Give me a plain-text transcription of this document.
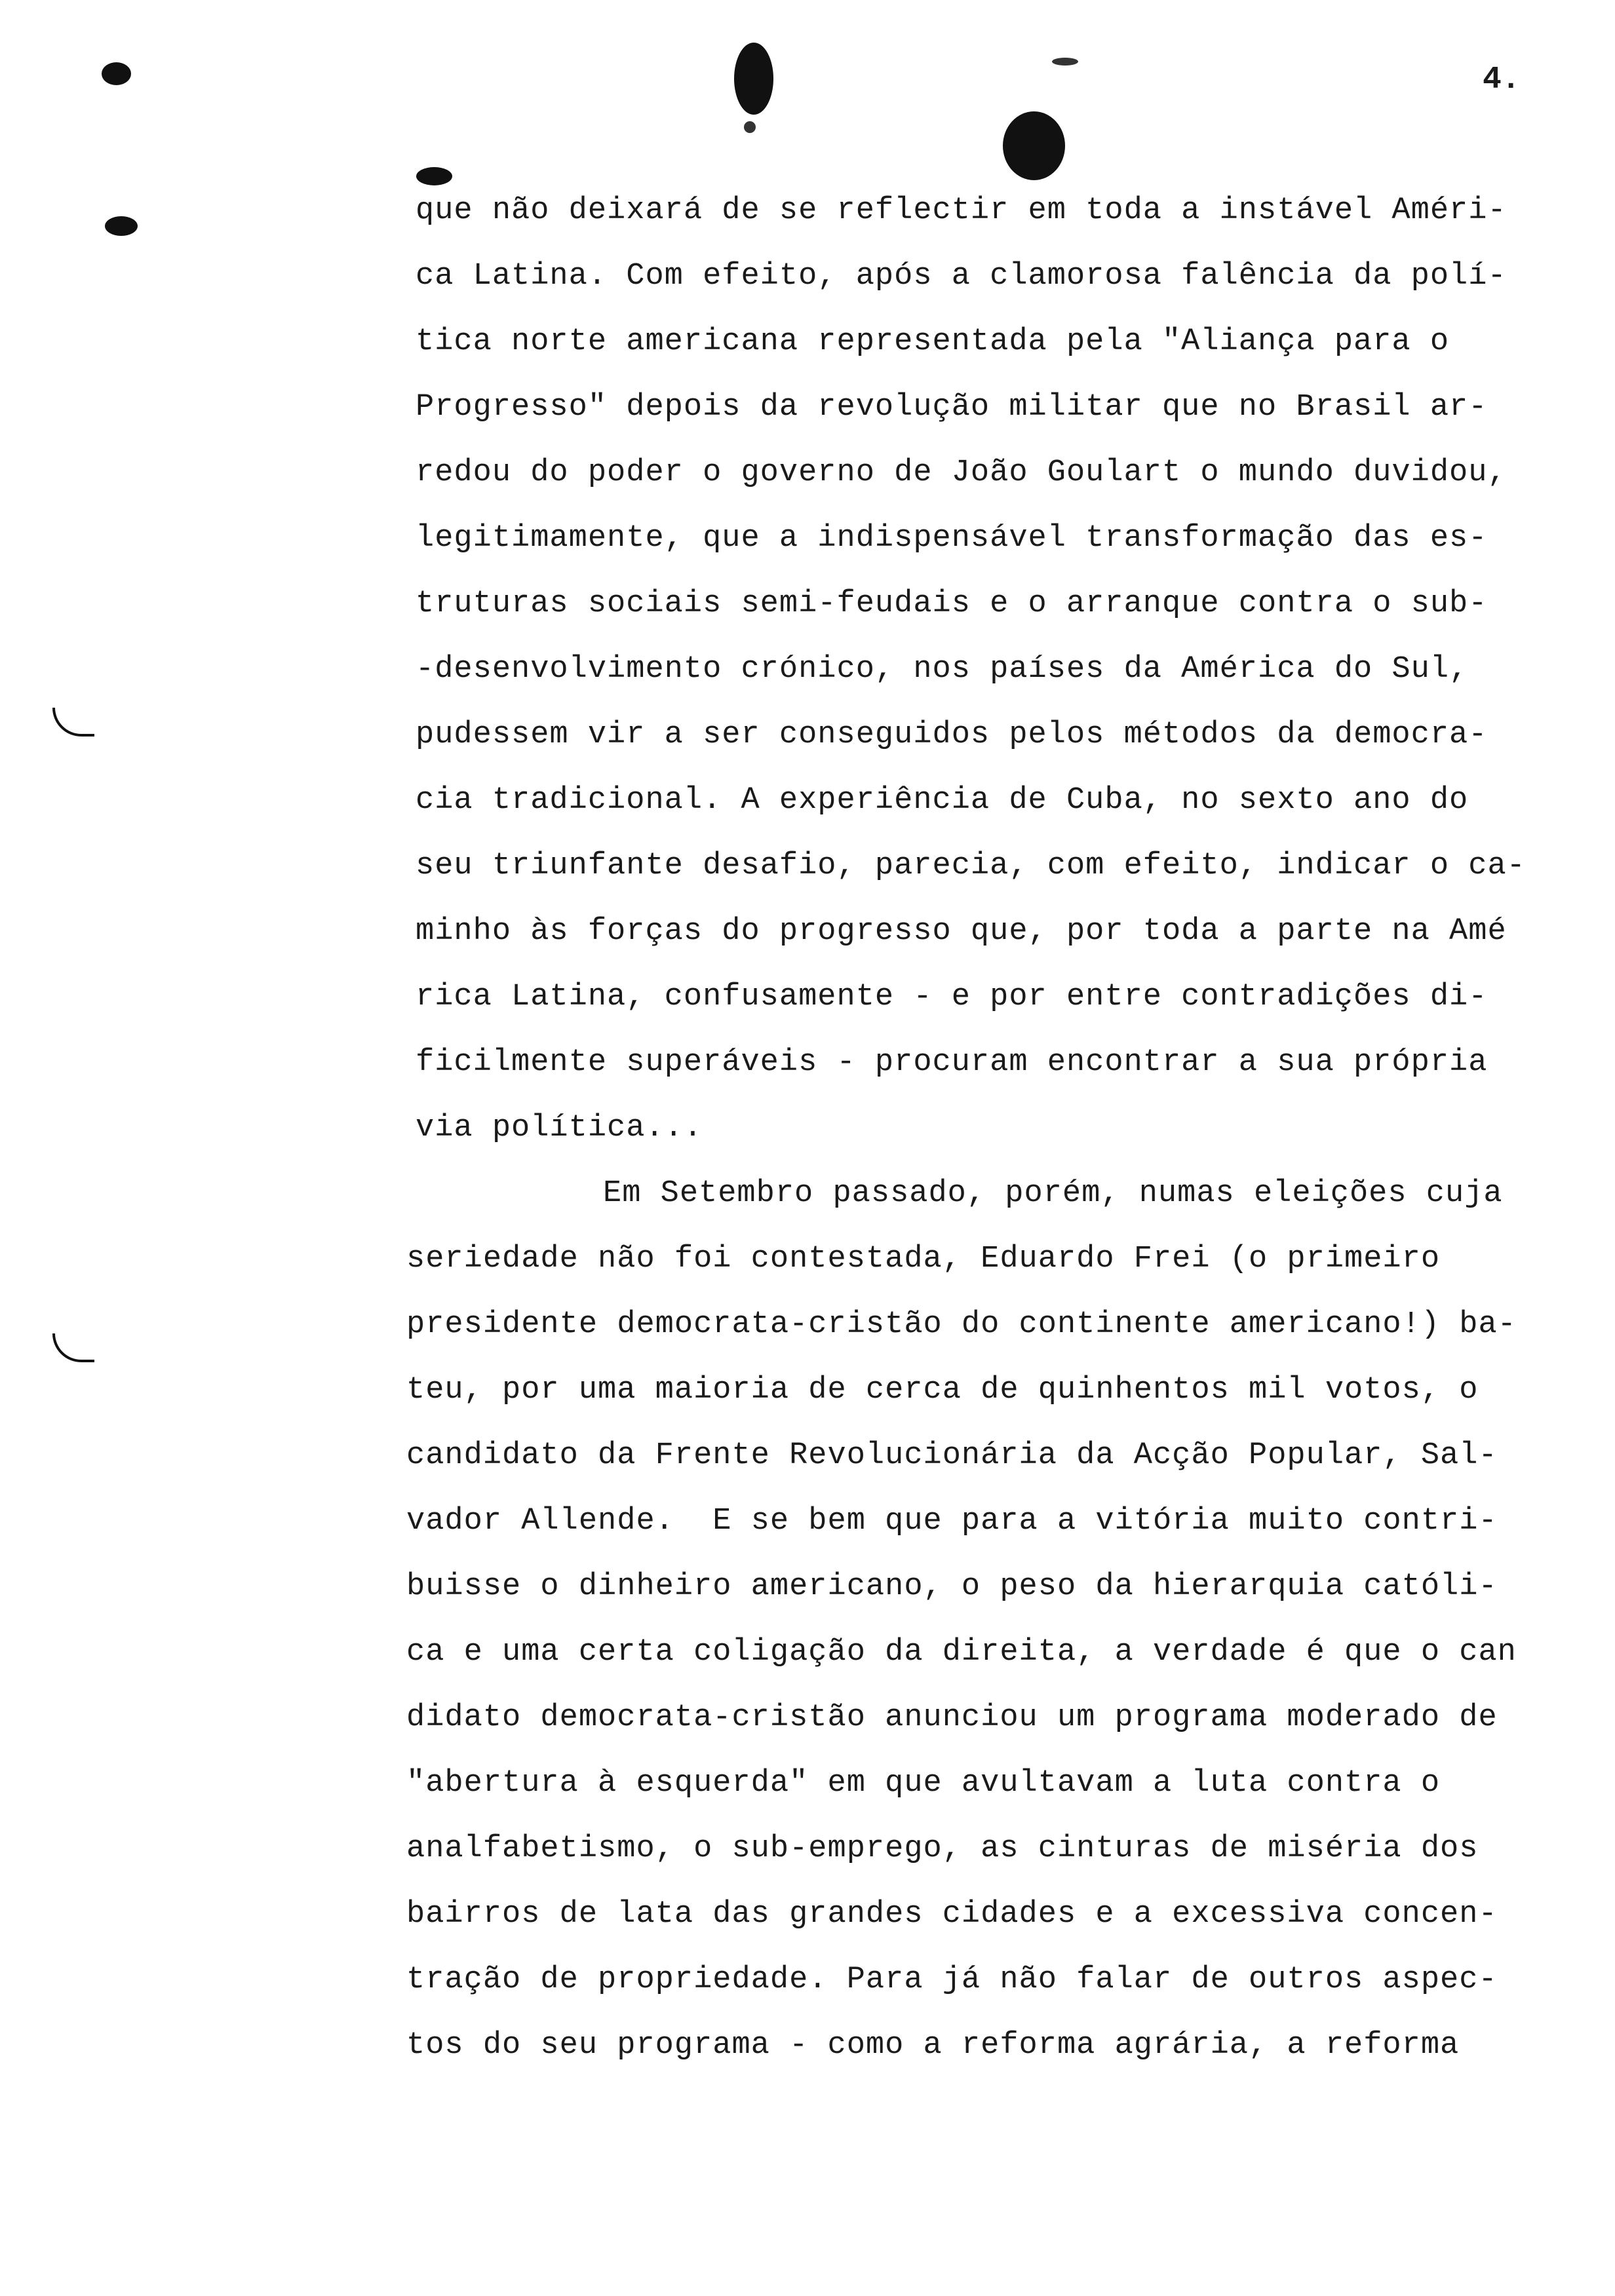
4.
que não deixará de se reflectir em toda a instável Améri-
ca Latina. Com efeito, após a clamorosa falência da polí-
tica norte americana representada pela "Aliança para o
Progresso" depois da revolução militar que no Brasil ar-
redou do poder o governo de João Goulart o mundo duvidou,
legitimamente, que a indispensável transformação das es-
truturas sociais semi-feudais e o arranque contra o sub-
-desenvolvimento crónico, nos países da América do Sul,
pudessem vir a ser conseguidos pelos métodos da democra-
cia tradicional. A experiência de Cuba, no sexto ano do
seu triunfante desafio, parecia, com efeito, indicar o ca-
minho às forças do progresso que, por toda a parte na Amé
rica Latina, confusamente - e por entre contradições di-
ficilmente superáveis - procuram encontrar a sua própria
via política...
Em Setembro passado, porém, numas eleições cuja
seriedade não foi contestada, Eduardo Frei (o primeiro
presidente democrata-cristão do continente americano!) ba-
teu, por uma maioria de cerca de quinhentos mil votos, o
candidato da Frente Revolucionária da Acção Popular, Sal-
vador Allende.  E se bem que para a vitória muito contri-
buisse o dinheiro americano, o peso da hierarquia católi-
ca e uma certa coligação da direita, a verdade é que o can
didato democrata-cristão anunciou um programa moderado de
"abertura à esquerda" em que avultavam a luta contra o
analfabetismo, o sub-emprego, as cinturas de miséria dos
bairros de lata das grandes cidades e a excessiva concen-
tração de propriedade. Para já não falar de outros aspec-
tos do seu programa - como a reforma agrária, a reforma
